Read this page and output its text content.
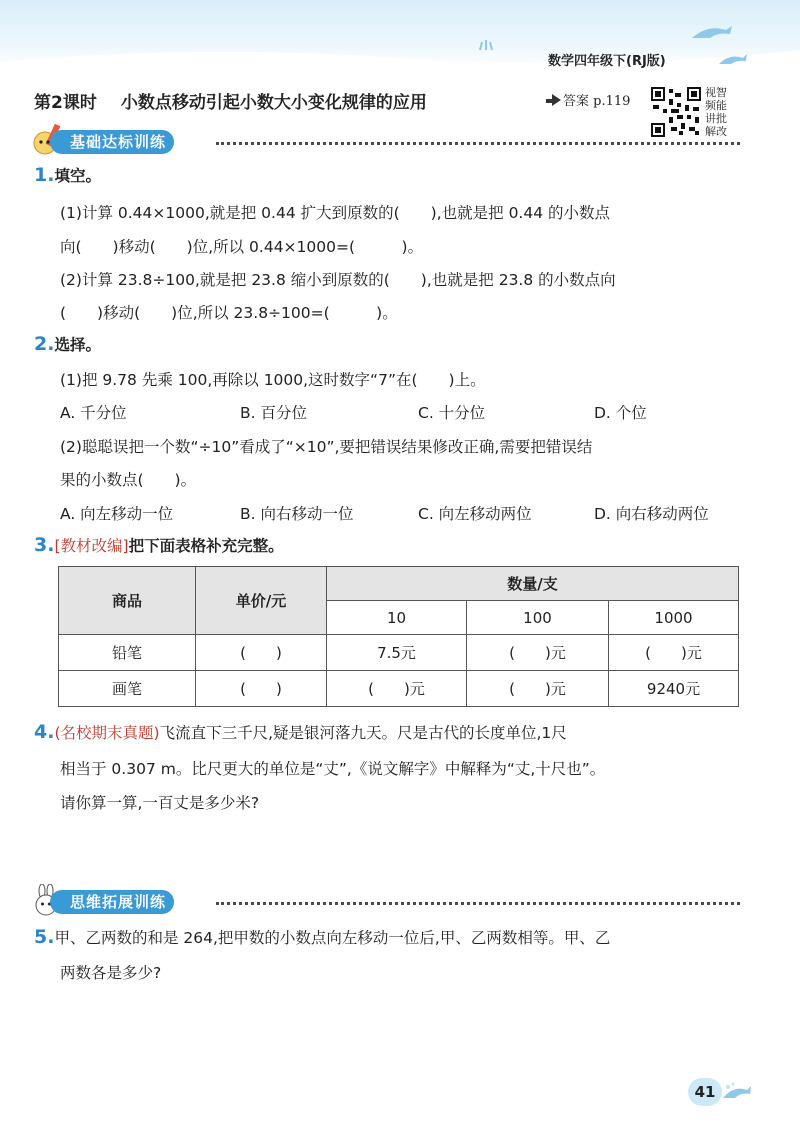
数学四年级下(RJ版)
第2课时 小数点移动引起小数大小变化规律的应用	答案 p.119
视智
频能
讲批
解改
基础达标训练
1.填空。
(1)计算 0.44×1000,就是把 0.44 扩大到原数的(　　),也就是把 0.44 的小数点
向(　　)移动(　　)位,所以 0.44×1000=(　　　)。
(2)计算 23.8÷100,就是把 23.8 缩小到原数的(　　),也就是把 23.8 的小数点向
(　　)移动(　　)位,所以 23.8÷100=(　　　)。
2.选择。
(1)把 9.78 先乘 100,再除以 1000,这时数字“7”在(　　)上。
A. 千分位	B. 百分位	C. 十分位	D. 个位
(2)聪聪误把一个数“÷10”看成了“×10”,要把错误结果修改正确,需要把错误结
果的小数点(　　)。
A. 向左移动一位	B. 向右移动一位	C. 向左移动两位	D. 向右移动两位
3.[教材改编]把下面表格补充完整。
商品	单价/元	数量/支		
		10	100	1000
铅笔	(　　)	7.5元	(　　)元	(　　)元
画笔	(　　)	(　　)元	(　　)元	9240元
4.(名校期末真题)飞流直下三千尺,疑是银河落九天。尺是古代的长度单位,1尺
相当于 0.307 m。比尺更大的单位是“丈”,《说文解字》中解释为“丈,十尺也”。
请你算一算,一百丈是多少米?
思维拓展训练
5.甲、乙两数的和是 264,把甲数的小数点向左移动一位后,甲、乙两数相等。甲、乙
两数各是多少?
41
